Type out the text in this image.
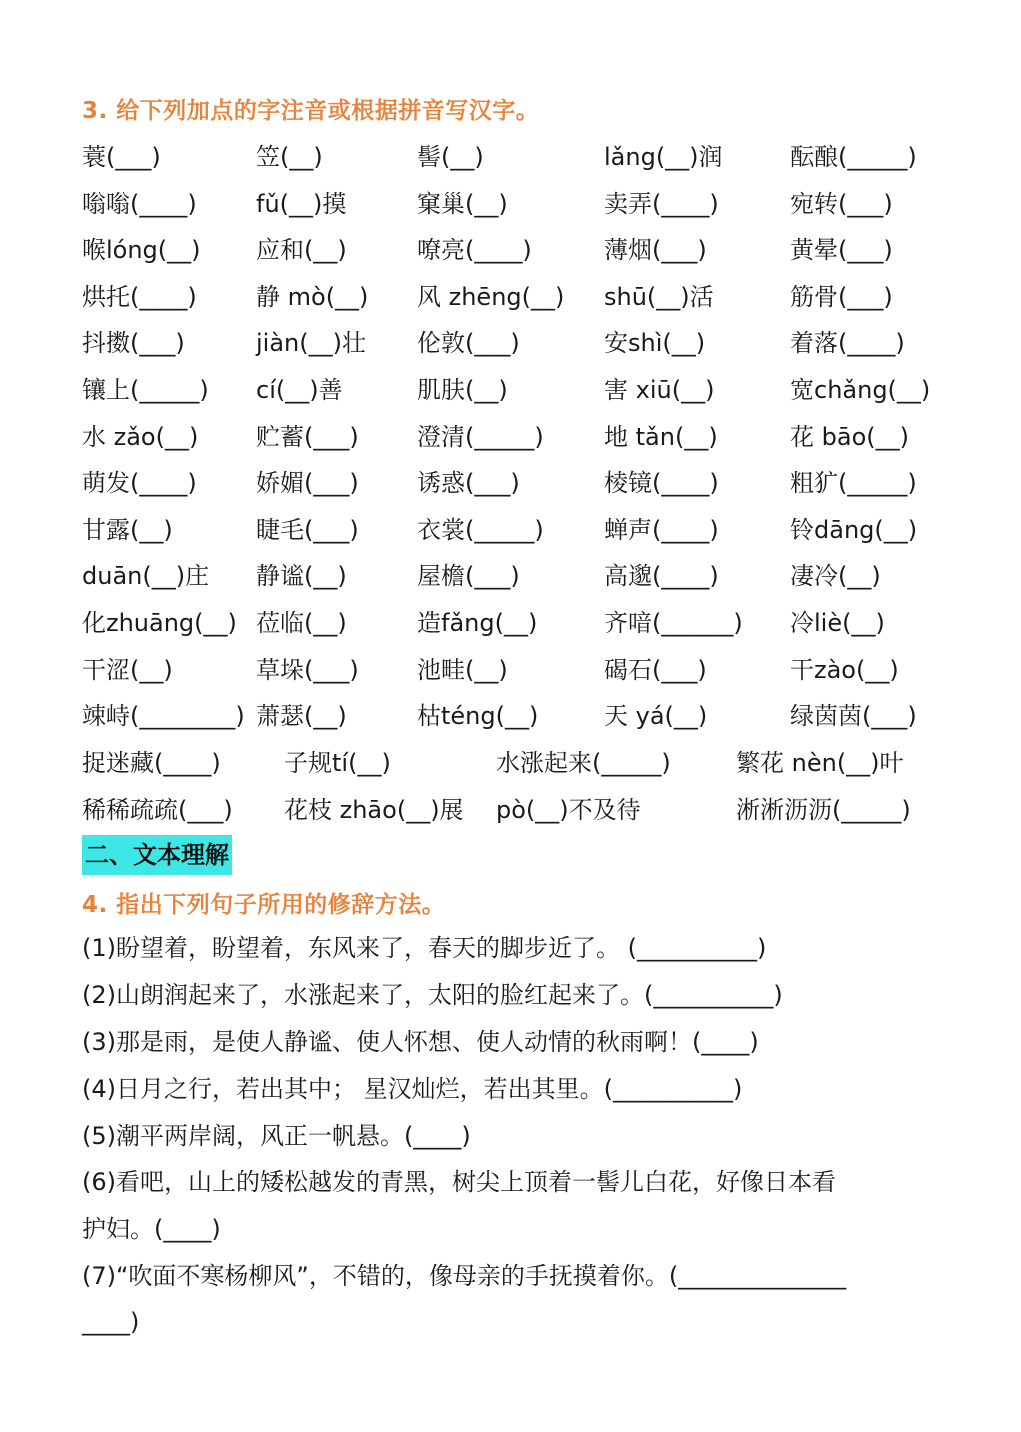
3. 给下列加点的字注音或根据拼音写汉字。
蓑(___)	笠(__)	髻(__)	lǎng(__)润	酝酿(_____)
嗡嗡(____) fǔ(__)摸	窠巢(__)	卖弄(____)	宛转(___)
喉lóng(__) 应和(__)	嘹亮(____)	薄烟(___)	黄晕(___)
烘托(____) 静 mò(__) 风 zhēng(__) shū(__)活	筋骨(___)
抖擞(___)	jiàn(__)壮 伦敦(___)	安shì(__)	着落(____)
镶上(_____) cí(__)善	肌肤(__)	害 xiū(__)	宽chǎng(__)
水 zǎo(__) 贮蓄(___) 澄清(_____)	地 tǎn(__)	花 bāo(__)
萌发(____) 娇媚(___) 诱惑(___)	棱镜(____)	粗犷(_____)
甘露(__)	睫毛(___) 衣裳(_____)	蝉声(____)	铃dāng(__)
duān(__)庄 静谧(__)	屋檐(___)	高邈(____)	凄冷(__)
化zhuāng(__) 莅临(__)	造fǎng(__)	齐喑(______) 冷liè(__)
干涩(__)	草垛(___) 池畦(__)	碣石(___)	干zào(__)
竦峙(________) 萧瑟(__)	枯téng(__)	天 yá(__)	绿茵茵(___)
捉迷藏(____)	子规tí(__)	水涨起来(_____)	繁花 nèn(__)叶
稀稀疏疏(___) 花枝 zhāo(__)展 pò(__)不及待	淅淅沥沥(_____)
二、文本理解
4. 指出下列句子所用的修辞方法。
(1)盼望着，盼望着，东风来了，春天的脚步近了。 (__________)
(2)山朗润起来了，水涨起来了，太阳的脸红起来了。(__________)
(3)那是雨，是使人静谧、使人怀想、使人动情的秋雨啊！(____)
(4)日月之行，若出其中； 星汉灿烂，若出其里。(__________)
(5)潮平两岸阔，风正一帆悬。(____)
(6)看吧，山上的矮松越发的青黑，树尖上顶着一髻儿白花，好像日本看
护妇。(____)
(7)“吹面不寒杨柳风”，不错的，像母亲的手抚摸着你。(______________
____)
